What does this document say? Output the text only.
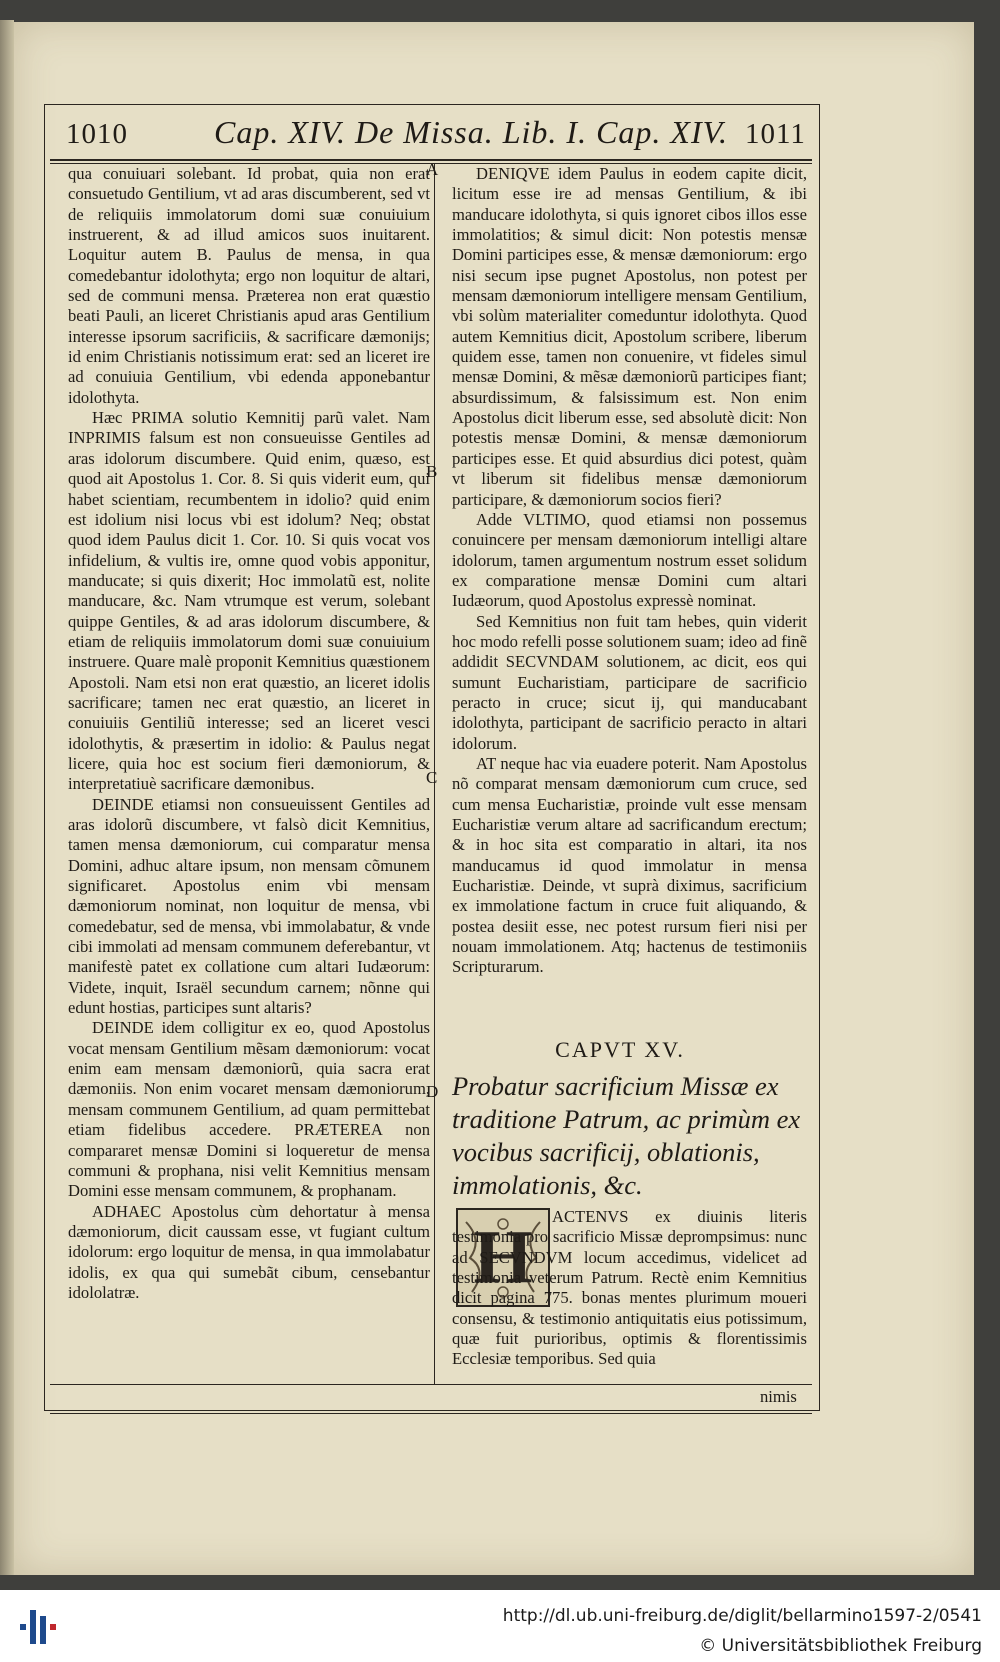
1010	Cap. XIV. De Missa. Lib. I. Cap. XIV. 1011

qua conuiuari solebant. Id probat, quia non erat consuetudo Gentilium, vt ad aras discumberent, sed vt de reliquiis immolatorum domi suæ conuiuium instruerent, & ad illud amicos suos inuitarent. Loquitur autem B. Paulus de mensa, in qua comedebantur idolothyta; ergo non loquitur de altari, sed de communi mensa. Præterea non erat quæstio beati Pauli, an liceret Christianis apud aras Gentilium interesse ipsorum sacrificiis, & sacrificare dæmonijs; id enim Christianis notissimum erat: sed an liceret ire ad conuiuia Gentilium, vbi edenda apponebantur idolothyta.

Hæc PRIMA solutio Kemnitij parũ valet. Nam INPRIMIS falsum est non consueuisse Gentiles ad aras idolorum discumbere. Quid enim, quæso, est quod ait Apostolus 1. Cor. 8. Si quis viderit eum, qui habet scientiam, recumbentem in idolio? quid enim est idolium nisi locus vbi est idolum? Neq; obstat quod idem Paulus dicit 1. Cor. 10. Si quis vocat vos infidelium, & vultis ire, omne quod vobis apponitur, manducate; si quis dixerit; Hoc immolatũ est, nolite manducare, &c. Nam vtrumque est verum, solebant quippe Gentiles, & ad aras idolorum discumbere, & etiam de reliquiis immolatorum domi suæ conuiuium instruere. Quare malè proponit Kemnitius quæstionem Apostoli. Nam etsi non erat quæstio, an liceret idolis sacrificare; tamen nec erat quæstio, an liceret in conuiuiis Gentiliũ interesse; sed an liceret vesci idolothytis, & præsertim in idolio: & Paulus negat licere, quia hoc est socium fieri dæmoniorum, & interpretatiuè sacrificare dæmonibus.

DEINDE etiamsi non consueuissent Gentiles ad aras idolorũ discumbere, vt falsò dicit Kemnitius, tamen mensa dæmoniorum, cui comparatur mensa Domini, adhuc altare ipsum, non mensam cõmunem significaret. Apostolus enim vbi mensam dæmoniorum nominat, non loquitur de mensa, vbi comedebatur, sed de mensa, vbi immolabatur, & vnde cibi immolati ad mensam communem deferebantur, vt manifestè patet ex collatione cum altari Iudæorum: Videte, inquit, Israël secundum carnem; nõnne qui edunt hostias, participes sunt altaris?

DEINDE idem colligitur ex eo, quod Apostolus vocat mensam Gentilium mẽsam dæmoniorum: vocat enim eam mensam dæmoniorũ, quia sacra erat dæmoniis. Non enim vocaret mensam dæmoniorum, mensam communem Gentilium, ad quam permittebat etiam fidelibus accedere. PRÆTEREA non compararet mensæ Domini si loqueretur de mensa communi & prophana, nisi velit Kemnitius mensam Domini esse mensam communem, & prophanam.

ADHAEC Apostolus cùm dehortatur à mensa dæmoniorum, dicit caussam esse, vt fugiant cultum idolorum: ergo loquitur de mensa, in qua immolabatur idolis, ex qua qui sumebãt cibum, censebantur idololatræ.

DENIQVE idem Paulus in eodem capite dicit, licitum esse ire ad mensas Gentilium, & ibi manducare idolothyta, si quis ignoret cibos illos esse immolatitios; & simul dicit: Non potestis mensæ Domini participes esse, & mensæ dæmoniorum: ergo nisi secum ipse pugnet Apostolus, non potest per mensam dæmoniorum intelligere mensam Gentilium, vbi solùm materialiter comeduntur idolothyta. Quod autem Kemnitius dicit, Apostolum scribere, liberum quidem esse, tamen non conuenire, vt fideles simul mensæ Domini, & mẽsæ dæmoniorũ participes fiant; absurdissimum, & falsissimum est. Non enim Apostolus dicit liberum esse, sed absolutè dicit: Non potestis mensæ Domini, & mensæ dæmoniorum participes esse. Et quid absurdius dici potest, quàm vt liberum sit fidelibus mensæ dæmoniorum participare, & dæmoniorum socios fieri?

Adde VLTIMO, quod etiamsi non possemus conuincere per mensam dæmoniorum intelligi altare idolorum, tamen argumentum nostrum esset solidum ex comparatione mensæ Domini cum altari Iudæorum, quod Apostolus expressè nominat.

Sed Kemnitius non fuit tam hebes, quin viderit hoc modo refelli posse solutionem suam; ideo ad finẽ addidit SECVNDAM solutionem, ac dicit, eos qui sumunt Eucharistiam, participare de sacrificio peracto in cruce; sicut ij, qui manducabant idolothyta, participant de sacrificio peracto in altari idolorum.

AT neque hac via euadere poterit. Nam Apostolus nõ comparat mensam dæmoniorum cum cruce, sed cum mensa Eucharistiæ, proinde vult esse mensam Eucharistiæ verum altare ad sacrificandum erectum; & in hoc sita est comparatio in altari, ita nos manducamus id quod immolatur in mensa Eucharistiæ. Deinde, vt suprà diximus, sacrificium ex immolatione factum in cruce fuit aliquando, & postea desiit esse, nec potest rursum fieri nisi per nouam immolationem. Atq; hactenus de testimoniis Scripturarum.

A
B
C
D
CAPVT XV.
Probatur sacrificium Missæ ex traditione Patrum, ac primùm ex vocibus sacrificij, oblationis, immolationis, &c.
H	ACTENVS ex diuinis literis testimonia pro sacrificio Missæ deprompsimus: nunc ad SECVNDVM locum accedimus, videlicet ad testimonia veterum Patrum. Rectè enim Kemnitius dicit pagina 775. bonas mentes plurimum moueri consensu, & testimonio antiquitatis eius potissimum, quæ fuit purioribus, optimis & florentissimis Ecclesiæ temporibus. Sed quia
nimis
http://dl.ub.uni-freiburg.de/diglit/bellarmino1597-2/0541
© Universitätsbibliothek Freiburg
